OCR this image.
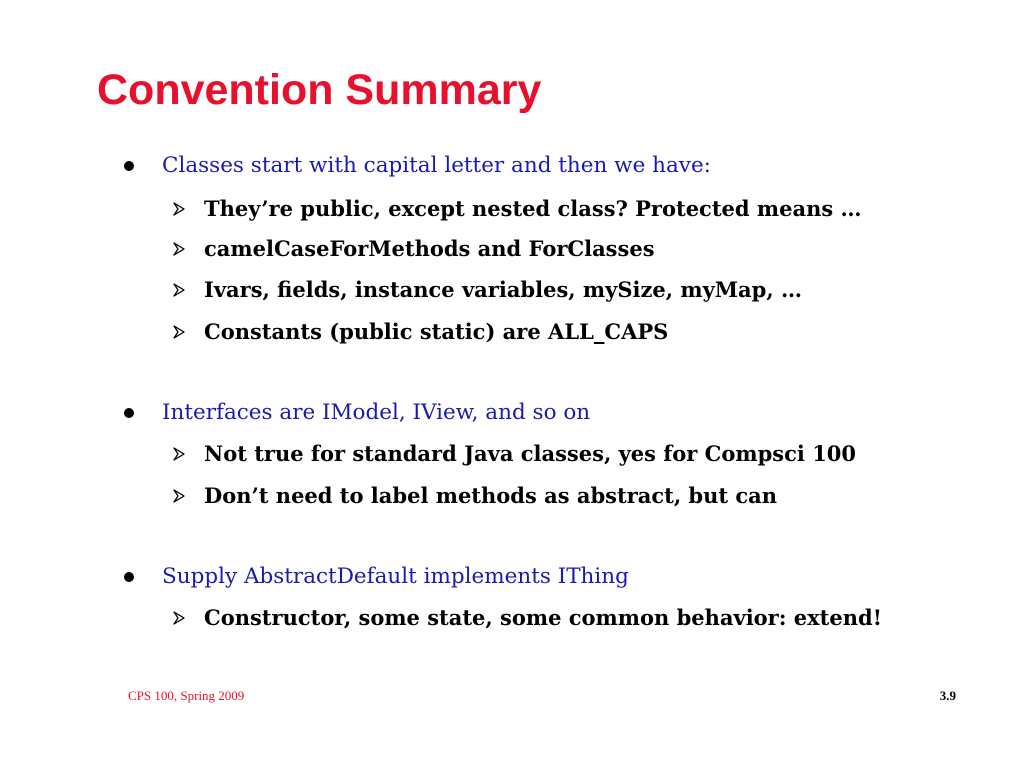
Convention Summary
Classes start with capital letter and then we have:
They’re public, except nested class? Protected means …
camelCaseForMethods and ForClasses
Ivars, fields, instance variables, mySize, myMap, …
Constants (public static) are ALL_CAPS
Interfaces are IModel, IView, and so on
Not true for standard Java classes, yes for Compsci 100
Don’t need to label methods as abstract, but can
Supply AbstractDefault implements IThing
Constructor, some state, some common behavior: extend!
CPS 100, Spring 2009	3.9
